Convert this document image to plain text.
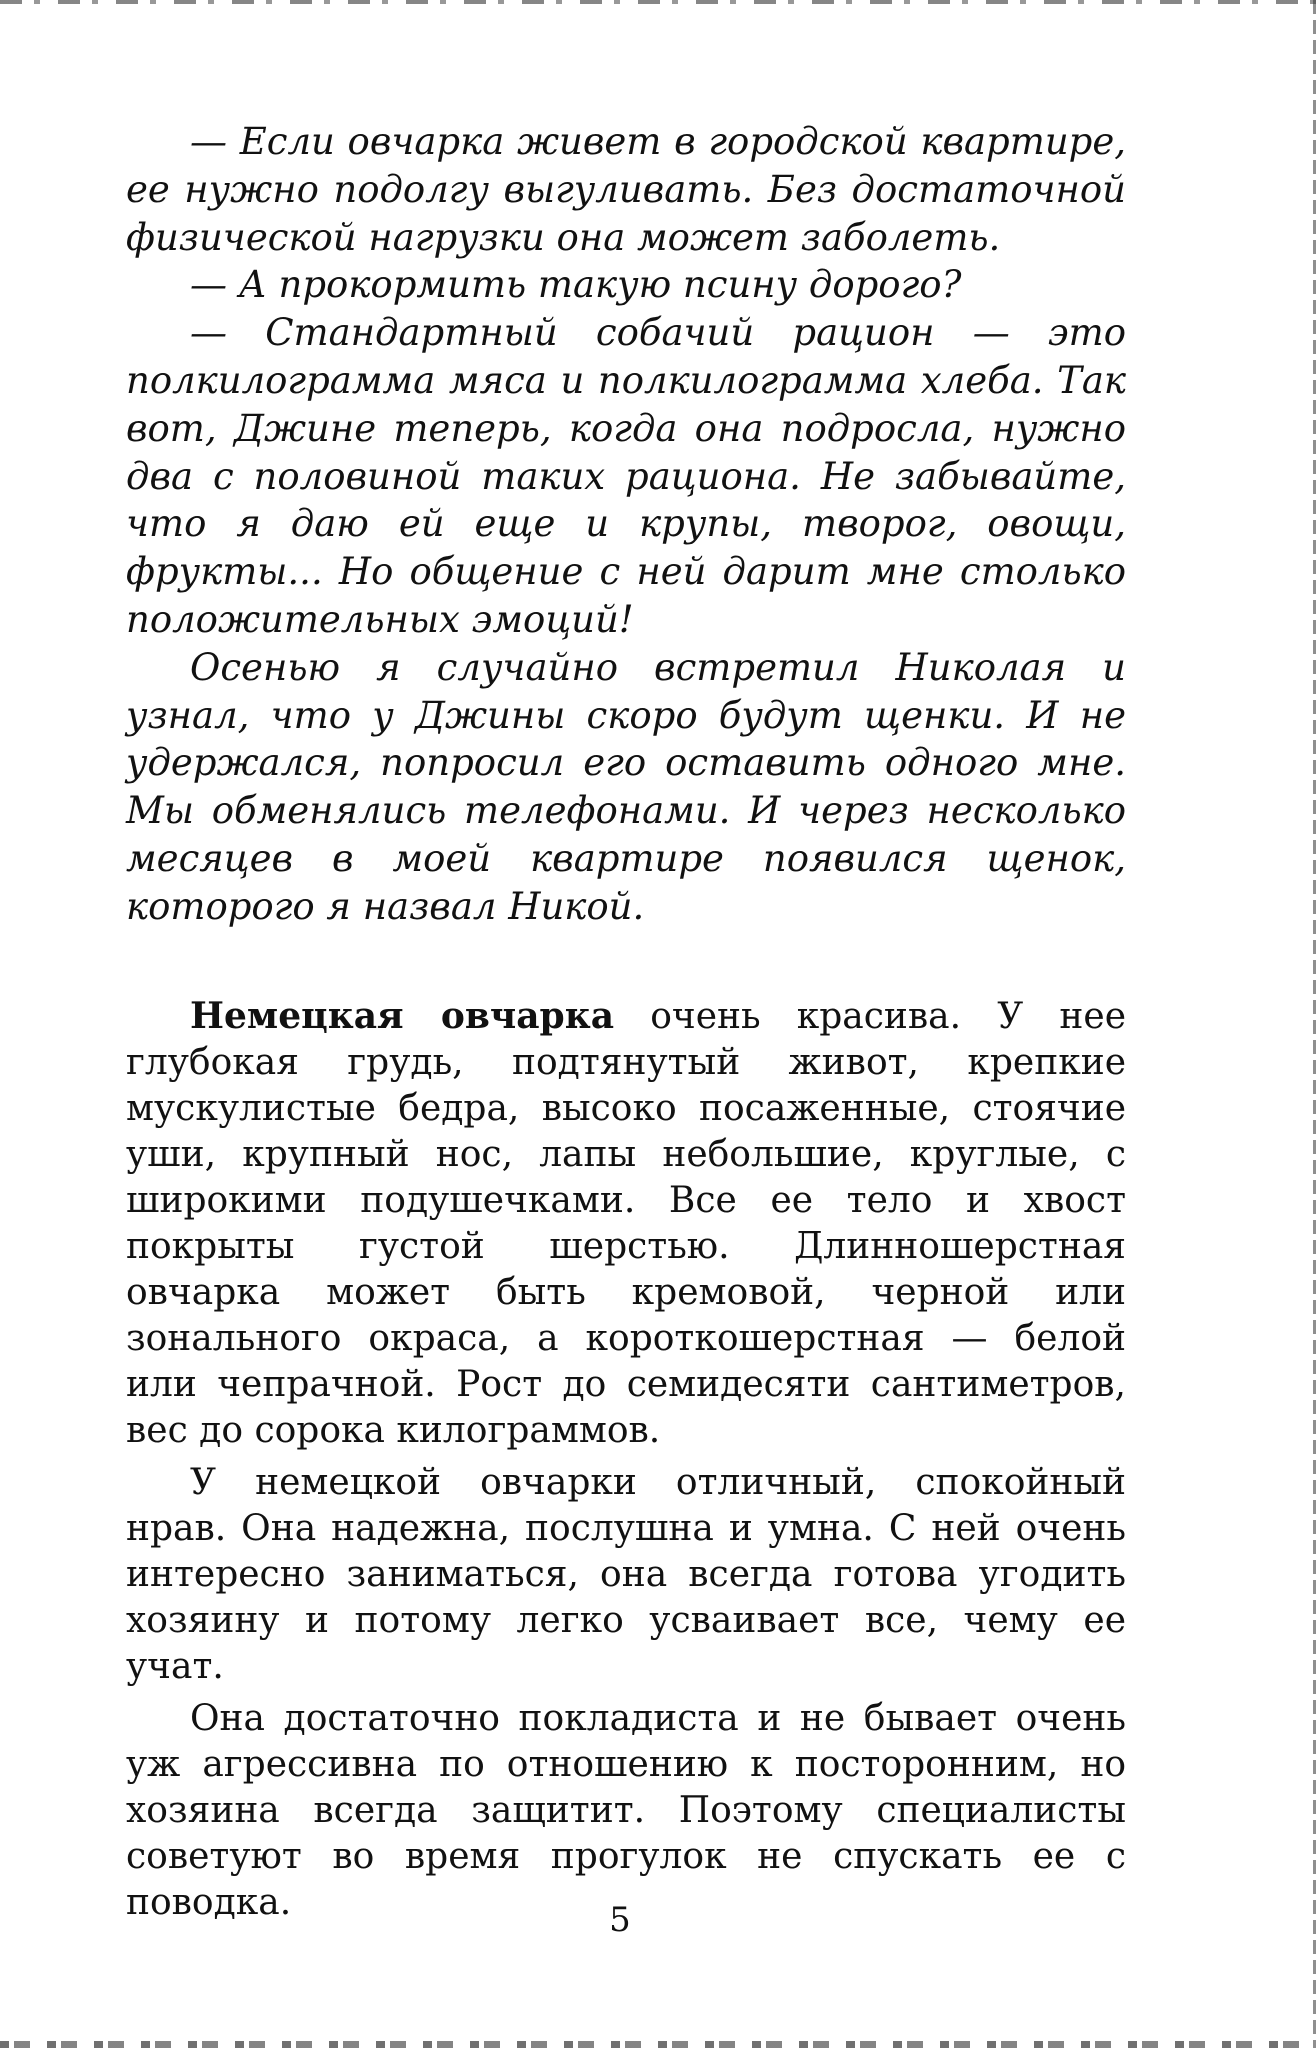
— Если овчарка живет в городской квартире, ее нужно подолгу выгуливать. Без достаточной физической нагрузки она может заболеть.

— А прокормить такую псину дорого?

— Стандартный собачий рацион — это полкилограмма мяса и полкилограмма хлеба. Так вот, Джине теперь, когда она подросла, нужно два с половиной таких рациона. Не забывайте, что я даю ей еще и крупы, творог, овощи, фрукты... Но общение с ней дарит мне столько положительных эмоций!

Осенью я случайно встретил Николая и узнал, что у Джины скоро будут щенки. И не удержался, попросил его оставить одного мне. Мы обменялись телефонами. И через несколько месяцев в моей квартире появился щенок, которого я назвал Никой.

Немецкая овчарка очень красива. У нее глубокая грудь, подтянутый живот, крепкие мускулистые бедра, высоко посаженные, стоячие уши, крупный нос, лапы небольшие, круглые, с широкими подушечками. Все ее тело и хвост покрыты густой шерстью. Длинношерстная овчарка может быть кремовой, черной или зонального окраса, а короткошерстная — белой или чепрачной. Рост до семидесяти сантиметров, вес до сорока килограммов.

У немецкой овчарки отличный, спокойный нрав. Она надежна, послушна и умна. С ней очень интересно заниматься, она всегда готова угодить хозяину и потому легко усваивает все, чему ее учат.

Она достаточно покладиста и не бывает очень уж агрессивна по отношению к посторонним, но хозяина всегда защитит. Поэтому специалисты советуют во время прогулок не спускать ее с поводка.	5
